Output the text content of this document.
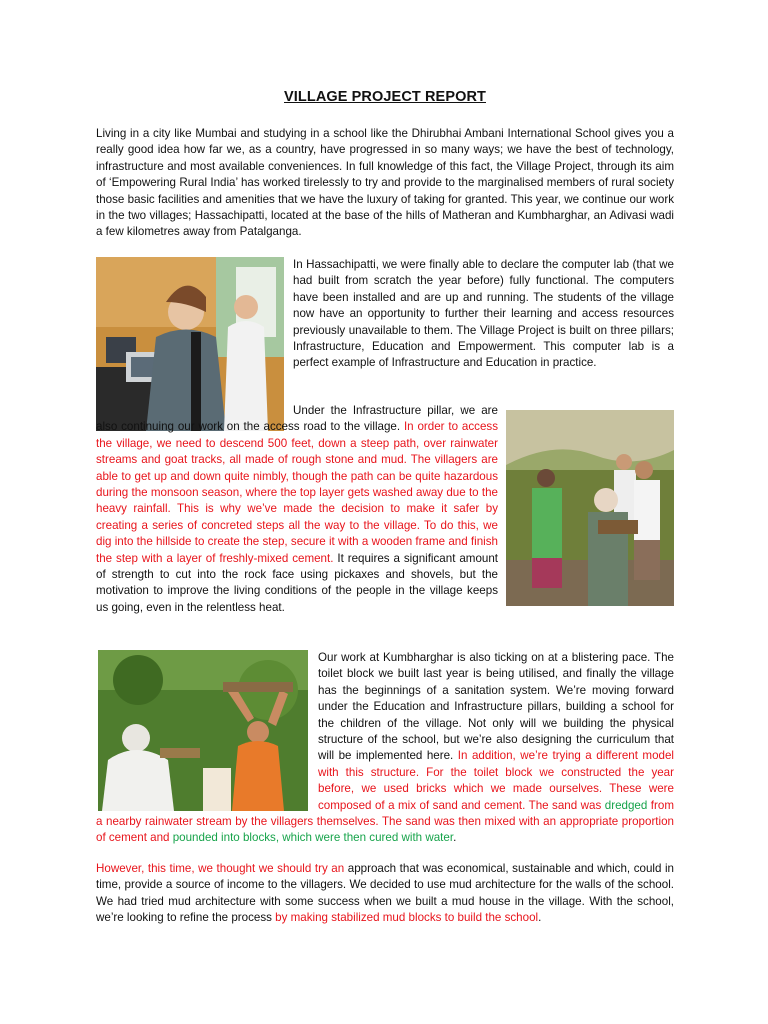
VILLAGE PROJECT REPORT

Living in a city like Mumbai and studying in a school like the Dhirubhai Ambani International School gives you a really good idea how far we, as a country, have progressed in so many ways; we have the best of technology, infrastructure and most available conveniences. In full knowledge of this fact, the Village Project, through its aim of ‘Empowering Rural India’ has worked tirelessly to try and provide to the marginalised members of rural society those basic facilities and amenities that we have the luxury of taking for granted. This year, we continue our work in the two villages; Hassachipatti, located at the base of the hills of Matheran and Kumbharghar, an Adivasi wadi a few kilometres away from Patalganga.

In Hassachipatti, we were finally able to declare the computer lab (that we had built from scratch the year before) fully functional. The computers have been installed and are up and running. The students of the village now have an opportunity to further their learning and access resources previously unavailable to them. The Village Project is built on three pillars; Infrastructure, Education and Empowerment. This computer lab is a perfect example of Infrastructure and Education in practice.

Under the Infrastructure pillar, we are also continuing our work on the access road to the village. In order to access the village, we need to descend 500 feet, down a steep path, over rainwater streams and goat tracks, all made of rough stone and mud. The villagers are able to get up and down quite nimbly, though the path can be quite hazardous during the monsoon season, where the top layer gets washed away due to the heavy rainfall. This is why we’ve made the decision to make it safer by creating a series of concreted steps all the way to the village. To do this, we dig into the hillside to create the step, secure it with a wooden frame and finish the step with a layer of freshly-mixed cement. It requires a significant amount of strength to cut into the rock face using pickaxes and shovels, but the motivation to improve the living conditions of the people in the village keeps us going, even in the relentless heat.

Our work at Kumbharghar is also ticking on at a blistering pace. The toilet block we built last year is being utilised, and finally the village has the beginnings of a sanitation system. We’re moving forward under the Education and Infrastructure pillars, building a school for the children of the village. Not only will we building the physical structure of the school, but we’re also designing the curriculum that will be implemented here. In addition, we’re trying a different model with this structure. For the toilet block we constructed the year before, we used bricks which we made ourselves. These were composed of a mix of sand and cement. The sand was dredged from a nearby rainwater stream by the villagers themselves. The sand was then mixed with an appropriate proportion of cement and pounded into blocks, which were then cured with water.

However, this time, we thought we should try an approach that was economical, sustainable and which, could in time, provide a source of income to the villagers. We decided to use mud architecture for the walls of the school. We had tried mud architecture with some success when we built a mud house in the village. With the school, we’re looking to refine the process by making stabilized mud blocks to build the school.
